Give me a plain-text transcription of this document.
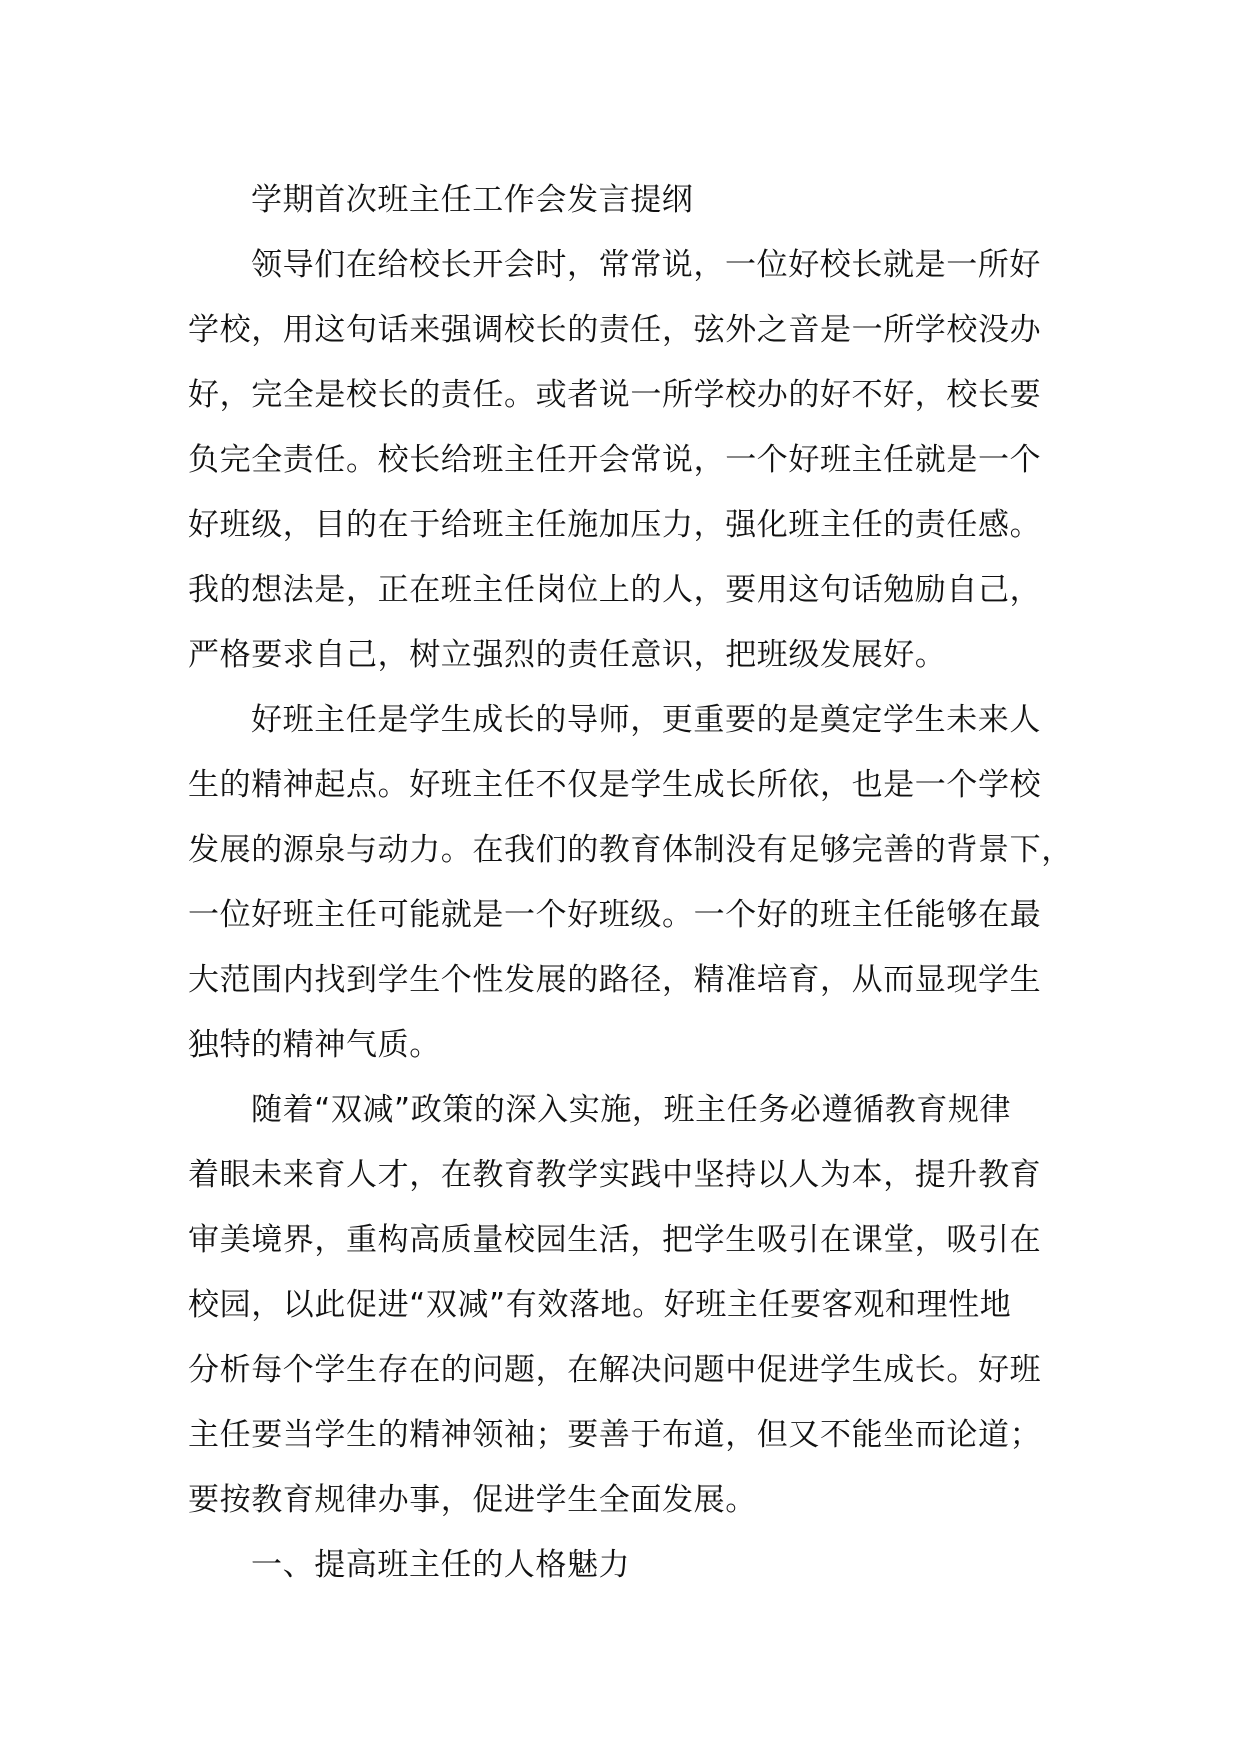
学期首次班主任工作会发言提纲
领导们在给校长开会时，常常说，一位好校长就是一所好
学校，用这句话来强调校长的责任，弦外之音是一所学校没办
好，完全是校长的责任。或者说一所学校办的好不好，校长要
负完全责任。校长给班主任开会常说，一个好班主任就是一个
好班级，目的在于给班主任施加压力，强化班主任的责任感。
我的想法是，正在班主任岗位上的人，要用这句话勉励自己，
严格要求自己，树立强烈的责任意识，把班级发展好。
好班主任是学生成长的导师，更重要的是奠定学生未来人
生的精神起点。好班主任不仅是学生成长所依，也是一个学校
发展的源泉与动力。在我们的教育体制没有足够完善的背景下，
一位好班主任可能就是一个好班级。一个好的班主任能够在最
大范围内找到学生个性发展的路径，精准培育，从而显现学生
独特的精神气质。
随着“双减”政策的深入实施，班主任务必遵循教育规律
着眼未来育人才，在教育教学实践中坚持以人为本，提升教育
审美境界，重构高质量校园生活，把学生吸引在课堂，吸引在
校园，以此促进“双减”有效落地。好班主任要客观和理性地
分析每个学生存在的问题，在解决问题中促进学生成长。好班
主任要当学生的精神领袖；要善于布道，但又不能坐而论道；
要按教育规律办事，促进学生全面发展。
一、提高班主任的人格魅力
